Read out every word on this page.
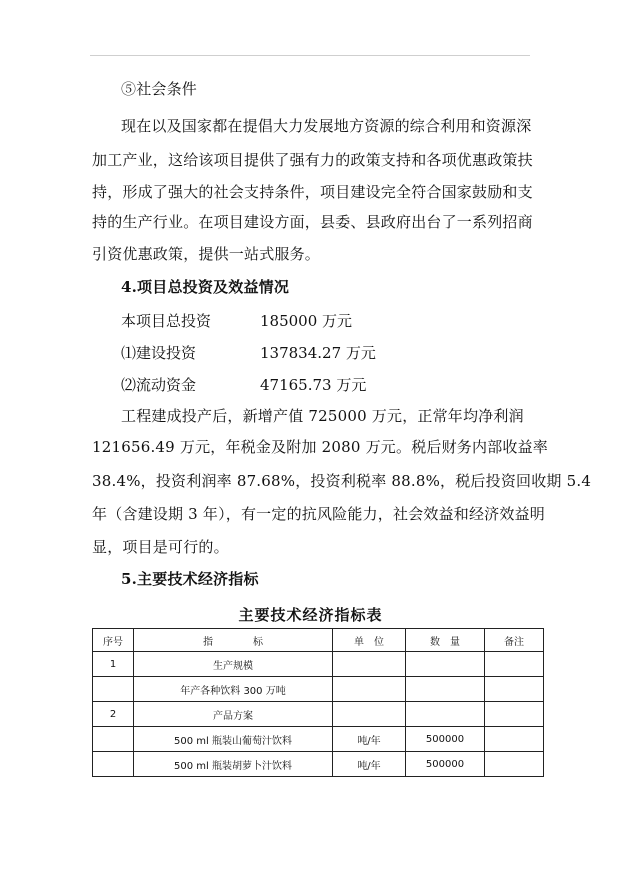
⑤社会条件
现在以及国家都在提倡大力发展地方资源的综合利用和资源深
加工产业，这给该项目提供了强有力的政策支持和各项优惠政策扶
持，形成了强大的社会支持条件，项目建设完全符合国家鼓励和支
持的生产行业。在项目建设方面，县委、县政府出台了一系列招商
引资优惠政策，提供一站式服务。
4.项目总投资及效益情况
本项目总投资	185000 万元
⑴建设投资	137834.27 万元
⑵流动资金	47165.73 万元
工程建成投产后，新增产值 725000 万元，正常年均净利润
121656.49 万元，年税金及附加 2080 万元。税后财务内部收益率
38.4%，投资利润率 87.68%，投资利税率 88.8%，税后投资回收期 5.4
年（含建设期 3 年），有一定的抗风险能力，社会效益和经济效益明
显，项目是可行的。
5.主要技术经济指标
主要技术经济指标表
序号	指　　　　标	单　位	数　量	备注
1	生产规模			
	年产各种饮料 300 万吨			
2	产品方案			
	500 ml 瓶装山葡萄汁饮料	吨/年	500000	
	500 ml 瓶装胡萝卜汁饮料	吨/年	500000	
